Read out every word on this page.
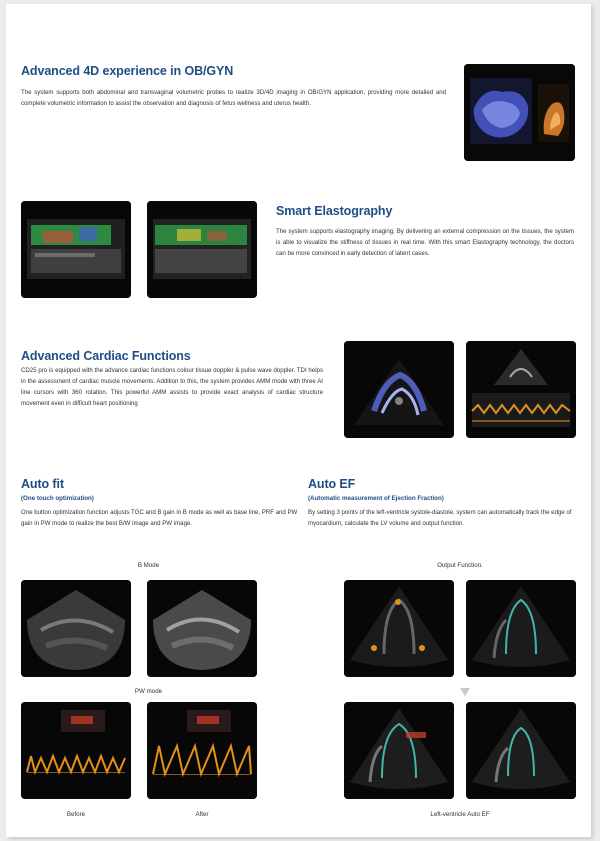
Advanced 4D experience in OB/GYN

The system supports both abdominal and transvaginal volumetric probes to realize 3D/4D imaging in OB/GYN application, providing more detailed and complete volumetric information to assist the observation and diagnosis of fetus wellness and uterus health.

Smart Elastography

The system supports elastography imaging. By delivering an external compression on the tissues, the system is able to visualize the stiffness of tissues in real time. With this smart Elastography technology, the doctors can be more convinced in early detection of latent cases.

Advanced Cardiac Functions

CD25 pro is equipped with the advance cardiac functions colour tissue doppler & pulse wave doppler. TDI helps in the assessment of cardiac muscle movements. Addition to this, the system provides AMM mode with three AI line cursors with 360 rotation. This powerful AMM assists to provide exact analysis of cardiac structure movement even in difficult heart positioning

Auto fit
(One touch optimization)

One button optimization function adjusts TGC and B gain in B mode as well as base line, PRF and PW gain in PW mode to realize the best B/W image and PW image.

B Mode
PW mode
Before	After
Auto EF
(Automatic measurement of Ejection Fraction)

By setting 3 points of the left-ventricle systole-diastole, system can automatically track the edge of myocardium, calculate the LV volume and output function.

Output Function.
Left-ventricle Auto EF
